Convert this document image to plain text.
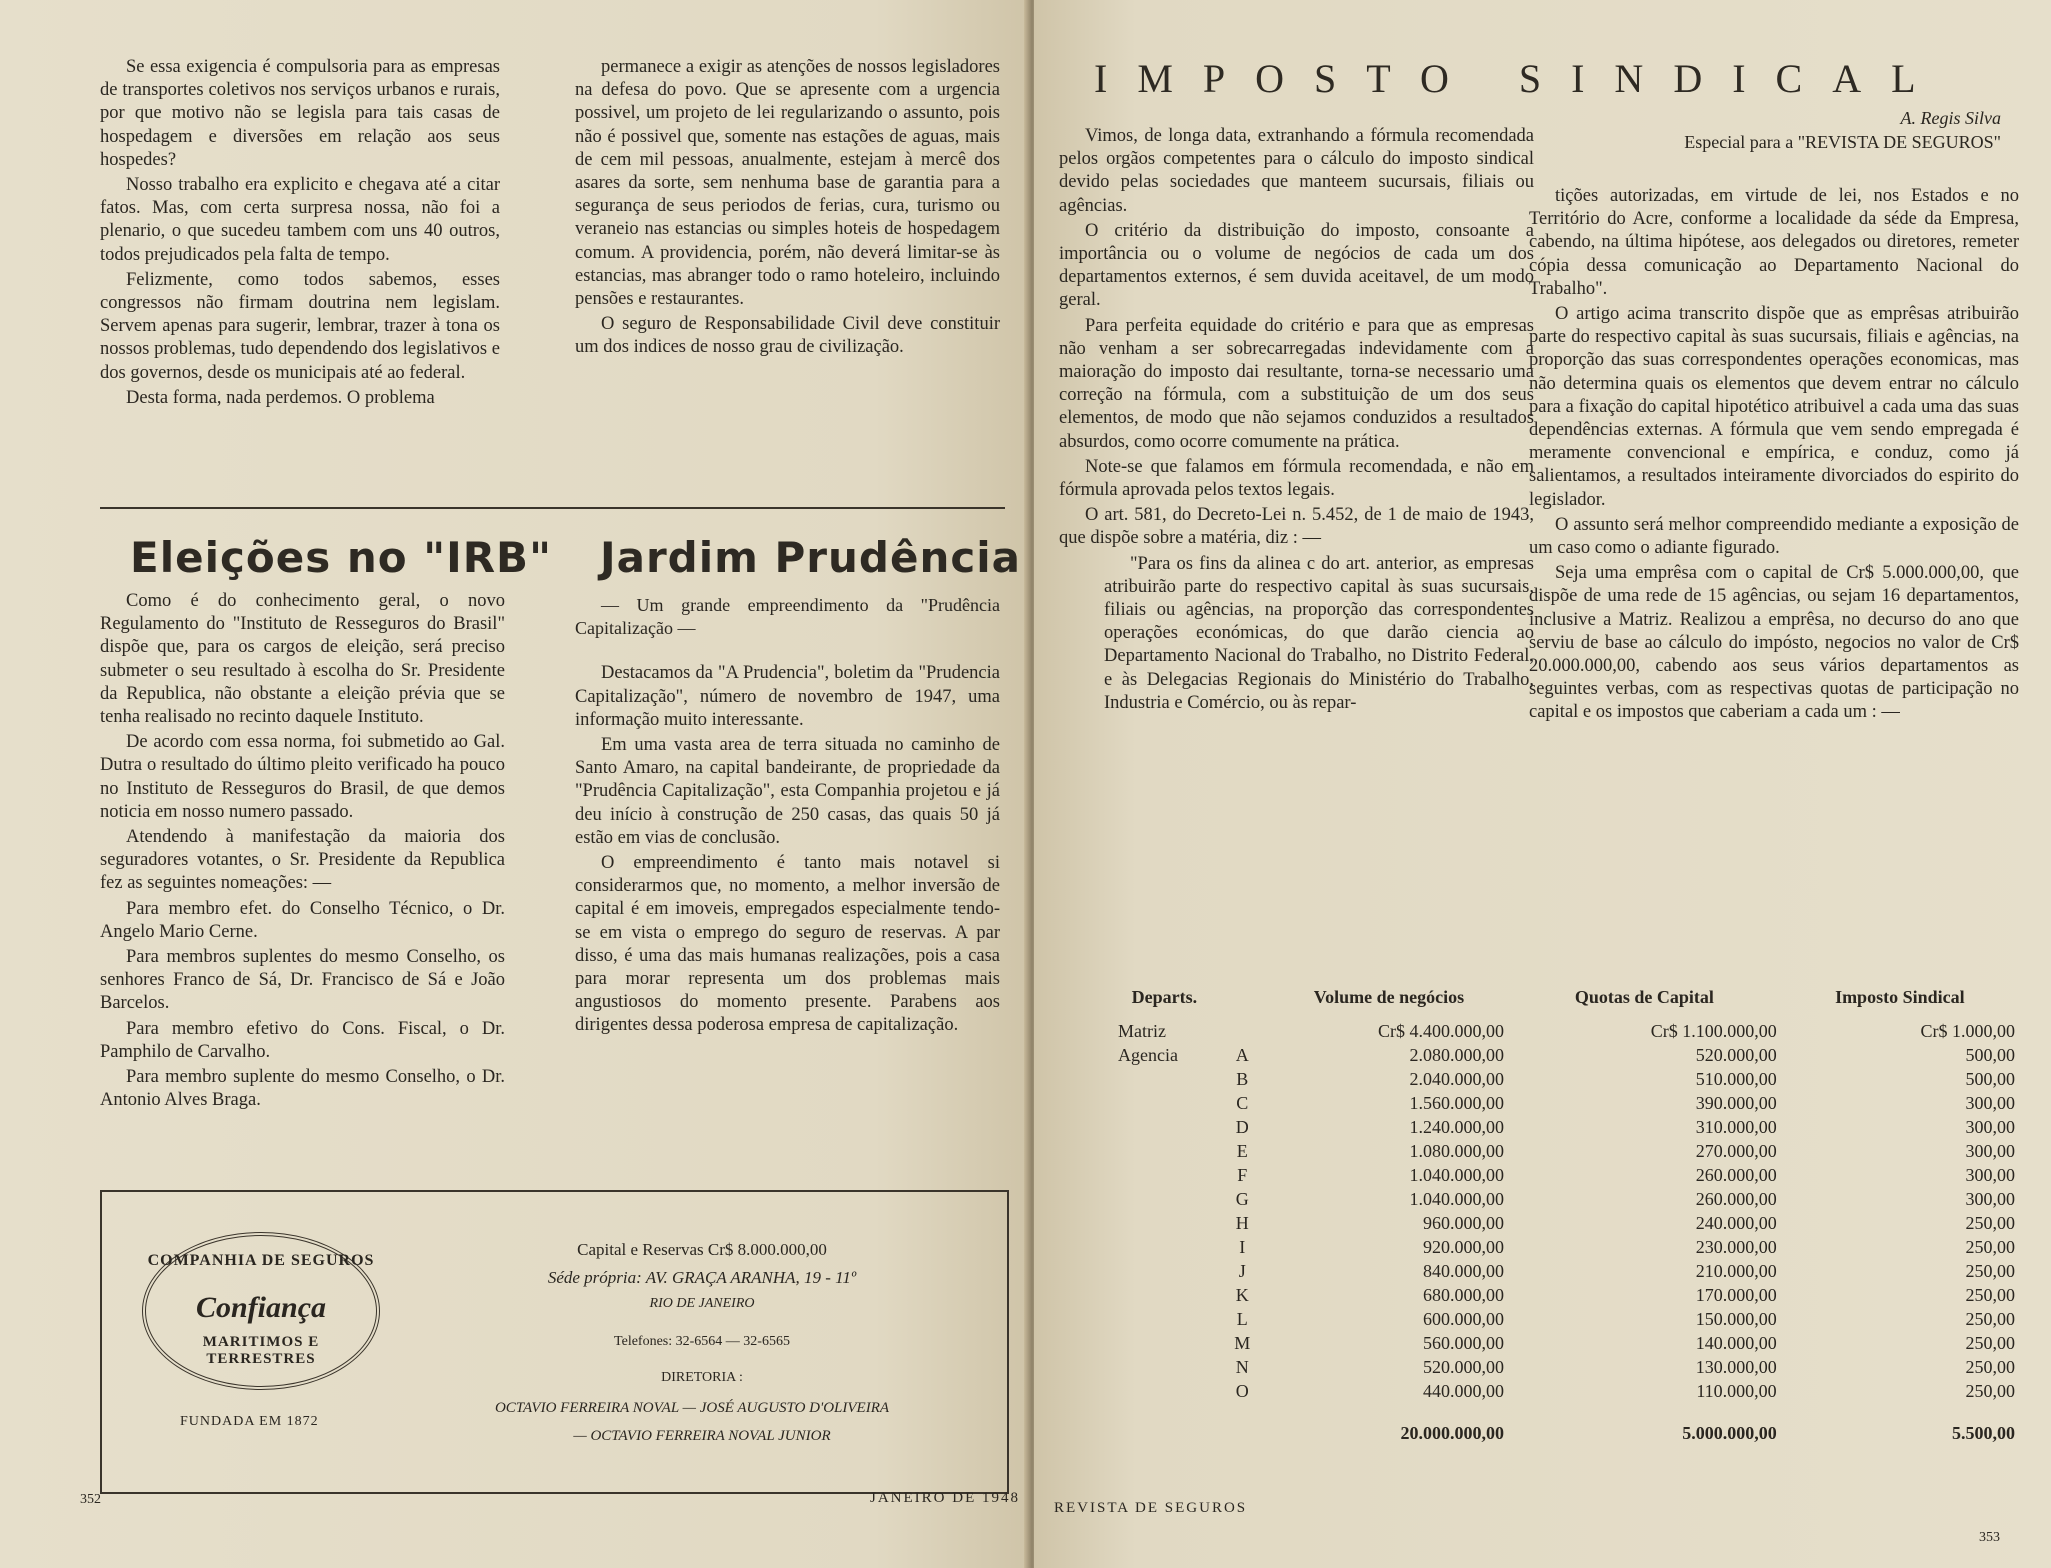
Se essa exigencia é compulsoria para as empresas de transportes coletivos nos serviços urbanos e rurais, por que motivo não se legisla para tais casas de hospedagem e diversões em relação aos seus hospedes?

Nosso trabalho era explicito e chegava até a citar fatos. Mas, com certa surpresa nossa, não foi a plenario, o que sucedeu tambem com uns 40 outros, todos prejudicados pela falta de tempo.

Felizmente, como todos sabemos, esses congressos não firmam doutrina nem legislam. Servem apenas para sugerir, lembrar, trazer à tona os nossos problemas, tudo dependendo dos legislativos e dos governos, desde os municipais até ao federal.

Desta forma, nada perdemos. O problema

permanece a exigir as atenções de nossos legisladores na defesa do povo. Que se apresente com a urgencia possivel, um projeto de lei regularizando o assunto, pois não é possivel que, somente nas estações de aguas, mais de cem mil pessoas, anualmente, estejam à mercê dos asares da sorte, sem nenhuma base de garantia para a segurança de seus periodos de ferias, cura, turismo ou veraneio nas estancias ou simples hoteis de hospedagem comum. A providencia, porém, não deverá limitar-se às estancias, mas abranger todo o ramo hoteleiro, incluindo pensões e restaurantes.

O seguro de Responsabilidade Civil deve constituir um dos indices de nosso grau de civilização.

Eleições no "IRB"

Como é do conhecimento geral, o novo Regulamento do "Instituto de Resseguros do Brasil" dispõe que, para os cargos de eleição, será preciso submeter o seu resultado à escolha do Sr. Presidente da Republica, não obstante a eleição prévia que se tenha realisado no recinto daquele Instituto.

De acordo com essa norma, foi submetido ao Gal. Dutra o resultado do último pleito verificado ha pouco no Instituto de Resseguros do Brasil, de que demos noticia em nosso numero passado.

Atendendo à manifestação da maioria dos seguradores votantes, o Sr. Presidente da Republica fez as seguintes nomeações: —

Para membro efet. do Conselho Técnico, o Dr. Angelo Mario Cerne.

Para membros suplentes do mesmo Conselho, os senhores Franco de Sá, Dr. Francisco de Sá e João Barcelos.

Para membro efetivo do Cons. Fiscal, o Dr. Pamphilo de Carvalho.

Para membro suplente do mesmo Conselho, o Dr. Antonio Alves Braga.

Jardim Prudência

— Um grande empreendimento da "Prudência Capitalização —

Destacamos da "A Prudencia", boletim da "Prudencia Capitalização", número de novembro de 1947, uma informação muito interessante.

Em uma vasta area de terra situada no caminho de Santo Amaro, na capital bandeirante, de propriedade da "Prudência Capitalização", esta Companhia projetou e já deu início à construção de 250 casas, das quais 50 já estão em vias de conclusão.

O empreendimento é tanto mais notavel si considerarmos que, no momento, a melhor inversão de capital é em imoveis, empregados especialmente tendo-se em vista o emprego do seguro de reservas. A par disso, é uma das mais humanas realizações, pois a casa para morar representa um dos problemas mais angustiosos do momento presente. Parabens aos dirigentes dessa poderosa empresa de capitalização.

COMPANHIA DE SEGUROS
Confiança
MARITIMOS E TERRESTRES
FUNDADA EM 1872
Capital e Reservas Cr$ 8.000.000,00
Séde própria: AV. GRAÇA ARANHA, 19 - 11º
RIO DE JANEIRO
Telefones: 32-6564 — 32-6565
DIRETORIA :
OCTAVIO FERREIRA NOVAL — JOSÉ AUGUSTO D'OLIVEIRA
— OCTAVIO FERREIRA NOVAL JUNIOR
352	JANEIRO DE 1948
IMPOSTO SINDICAL
A. Regis Silva
Especial para a "REVISTA DE SEGUROS"

Vimos, de longa data, extranhando a fórmula recomendada pelos orgãos competentes para o cálculo do imposto sindical devido pelas sociedades que manteem sucursais, filiais ou agências.

O critério da distribuição do imposto, consoante a importância ou o volume de negócios de cada um dos departamentos externos, é sem duvida aceitavel, de um modo geral.

Para perfeita equidade do critério e para que as empresas não venham a ser sobrecarregadas indevidamente com a maioração do imposto dai resultante, torna-se necessario uma correção na fórmula, com a substituição de um dos seus elementos, de modo que não sejamos conduzidos a resultados absurdos, como ocorre comumente na prática.

Note-se que falamos em fórmula recomendada, e não em fórmula aprovada pelos textos legais.

O art. 581, do Decreto-Lei n. 5.452, de 1 de maio de 1943, que dispõe sobre a matéria, diz : —

"Para os fins da alinea c do art. anterior, as empresas atribuirão parte do respectivo capital às suas sucursais, filiais ou agências, na proporção das correspondentes operações económicas, do que darão ciencia ao Departamento Nacional do Trabalho, no Distrito Federal, e às Delegacias Regionais do Ministério do Trabalho, Industria e Comércio, ou às repar-

tições autorizadas, em virtude de lei, nos Estados e no Território do Acre, conforme a localidade da séde da Empresa, cabendo, na última hipótese, aos delegados ou diretores, remeter cópia dessa comunicação ao Departamento Nacional do Trabalho".

O artigo acima transcrito dispõe que as emprêsas atribuirão parte do respectivo capital às suas sucursais, filiais e agências, na proporção das suas correspondentes operações economicas, mas não determina quais os elementos que devem entrar no cálculo para a fixação do capital hipotético atribuivel a cada uma das suas dependências externas. A fórmula que vem sendo empregada é meramente convencional e empírica, e conduz, como já salientamos, a resultados inteiramente divorciados do espirito do legislador.

O assunto será melhor compreendido mediante a exposição de um caso como o adiante figurado.

Seja uma emprêsa com o capital de Cr$ 5.000.000,00, que dispõe de uma rede de 15 agências, ou sejam 16 departamentos, inclusive a Matriz. Realizou a emprêsa, no decurso do ano que serviu de base ao cálculo do impósto, negocios no valor de Cr$ 20.000.000,00, cabendo aos seus vários departamentos as seguintes verbas, com as respectivas quotas de participação no capital e os impostos que caberiam a cada um : —

Departs.		Volume de negócios	Quotas de Capital	Imposto Sindical
Matriz		Cr$ 4.400.000,00	Cr$ 1.100.000,00	Cr$ 1.000,00
Agencia	A	2.080.000,00	520.000,00	500,00
	B	2.040.000,00	510.000,00	500,00
	C	1.560.000,00	390.000,00	300,00
	D	1.240.000,00	310.000,00	300,00
	E	1.080.000,00	270.000,00	300,00
	F	1.040.000,00	260.000,00	300,00
	G	1.040.000,00	260.000,00	300,00
	H	960.000,00	240.000,00	250,00
	I	920.000,00	230.000,00	250,00
	J	840.000,00	210.000,00	250,00
	K	680.000,00	170.000,00	250,00
	L	600.000,00	150.000,00	250,00
	M	560.000,00	140.000,00	250,00
	N	520.000,00	130.000,00	250,00
	O	440.000,00	110.000,00	250,00
		20.000.000,00	5.000.000,00	5.500,00
REVISTA DE SEGUROS
353
